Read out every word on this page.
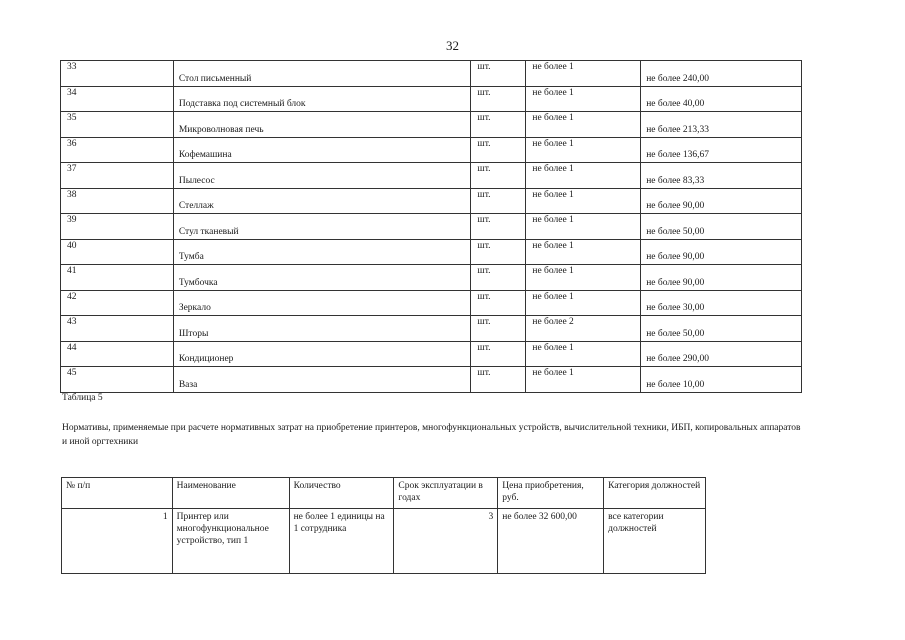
32
33	Стол письменный	шт.	не более 1	не более 240,00
34	Подставка под системный блок	шт.	не более 1	не более 40,00
35	Микроволновая печь	шт.	не более 1	не более 213,33
36	Кофемашина	шт.	не более 1	не более 136,67
37	Пылесос	шт.	не более 1	не более 83,33
38	Стеллаж	шт.	не более 1	не более 90,00
39	Стул тканевый	шт.	не более 1	не более 50,00
40	Тумба	шт.	не более 1	не более 90,00
41	Тумбочка	шт.	не более 1	не более 90,00
42	Зеркало	шт.	не более 1	не более 30,00
43	Шторы	шт.	не более 2	не более 50,00
44	Кондиционер	шт.	не более 1	не более 290,00
45	Ваза	шт.	не более 1	не более 10,00
Таблица 5
Нормативы, применяемые при расчете нормативных затрат на приобретение принтеров, многофункциональных устройств, вычислительной техники, ИБП, копировальных аппаратов и иной оргтехники
№ п/п	Наименование	Количество	Срок эксплуатации в годах	Цена приобретения, руб.	Категория должностей
1	Принтер или многофункциональное устройство, тип 1	не более 1 единицы на 1 сотрудника	3	не более 32 600,00	все категории должностей
